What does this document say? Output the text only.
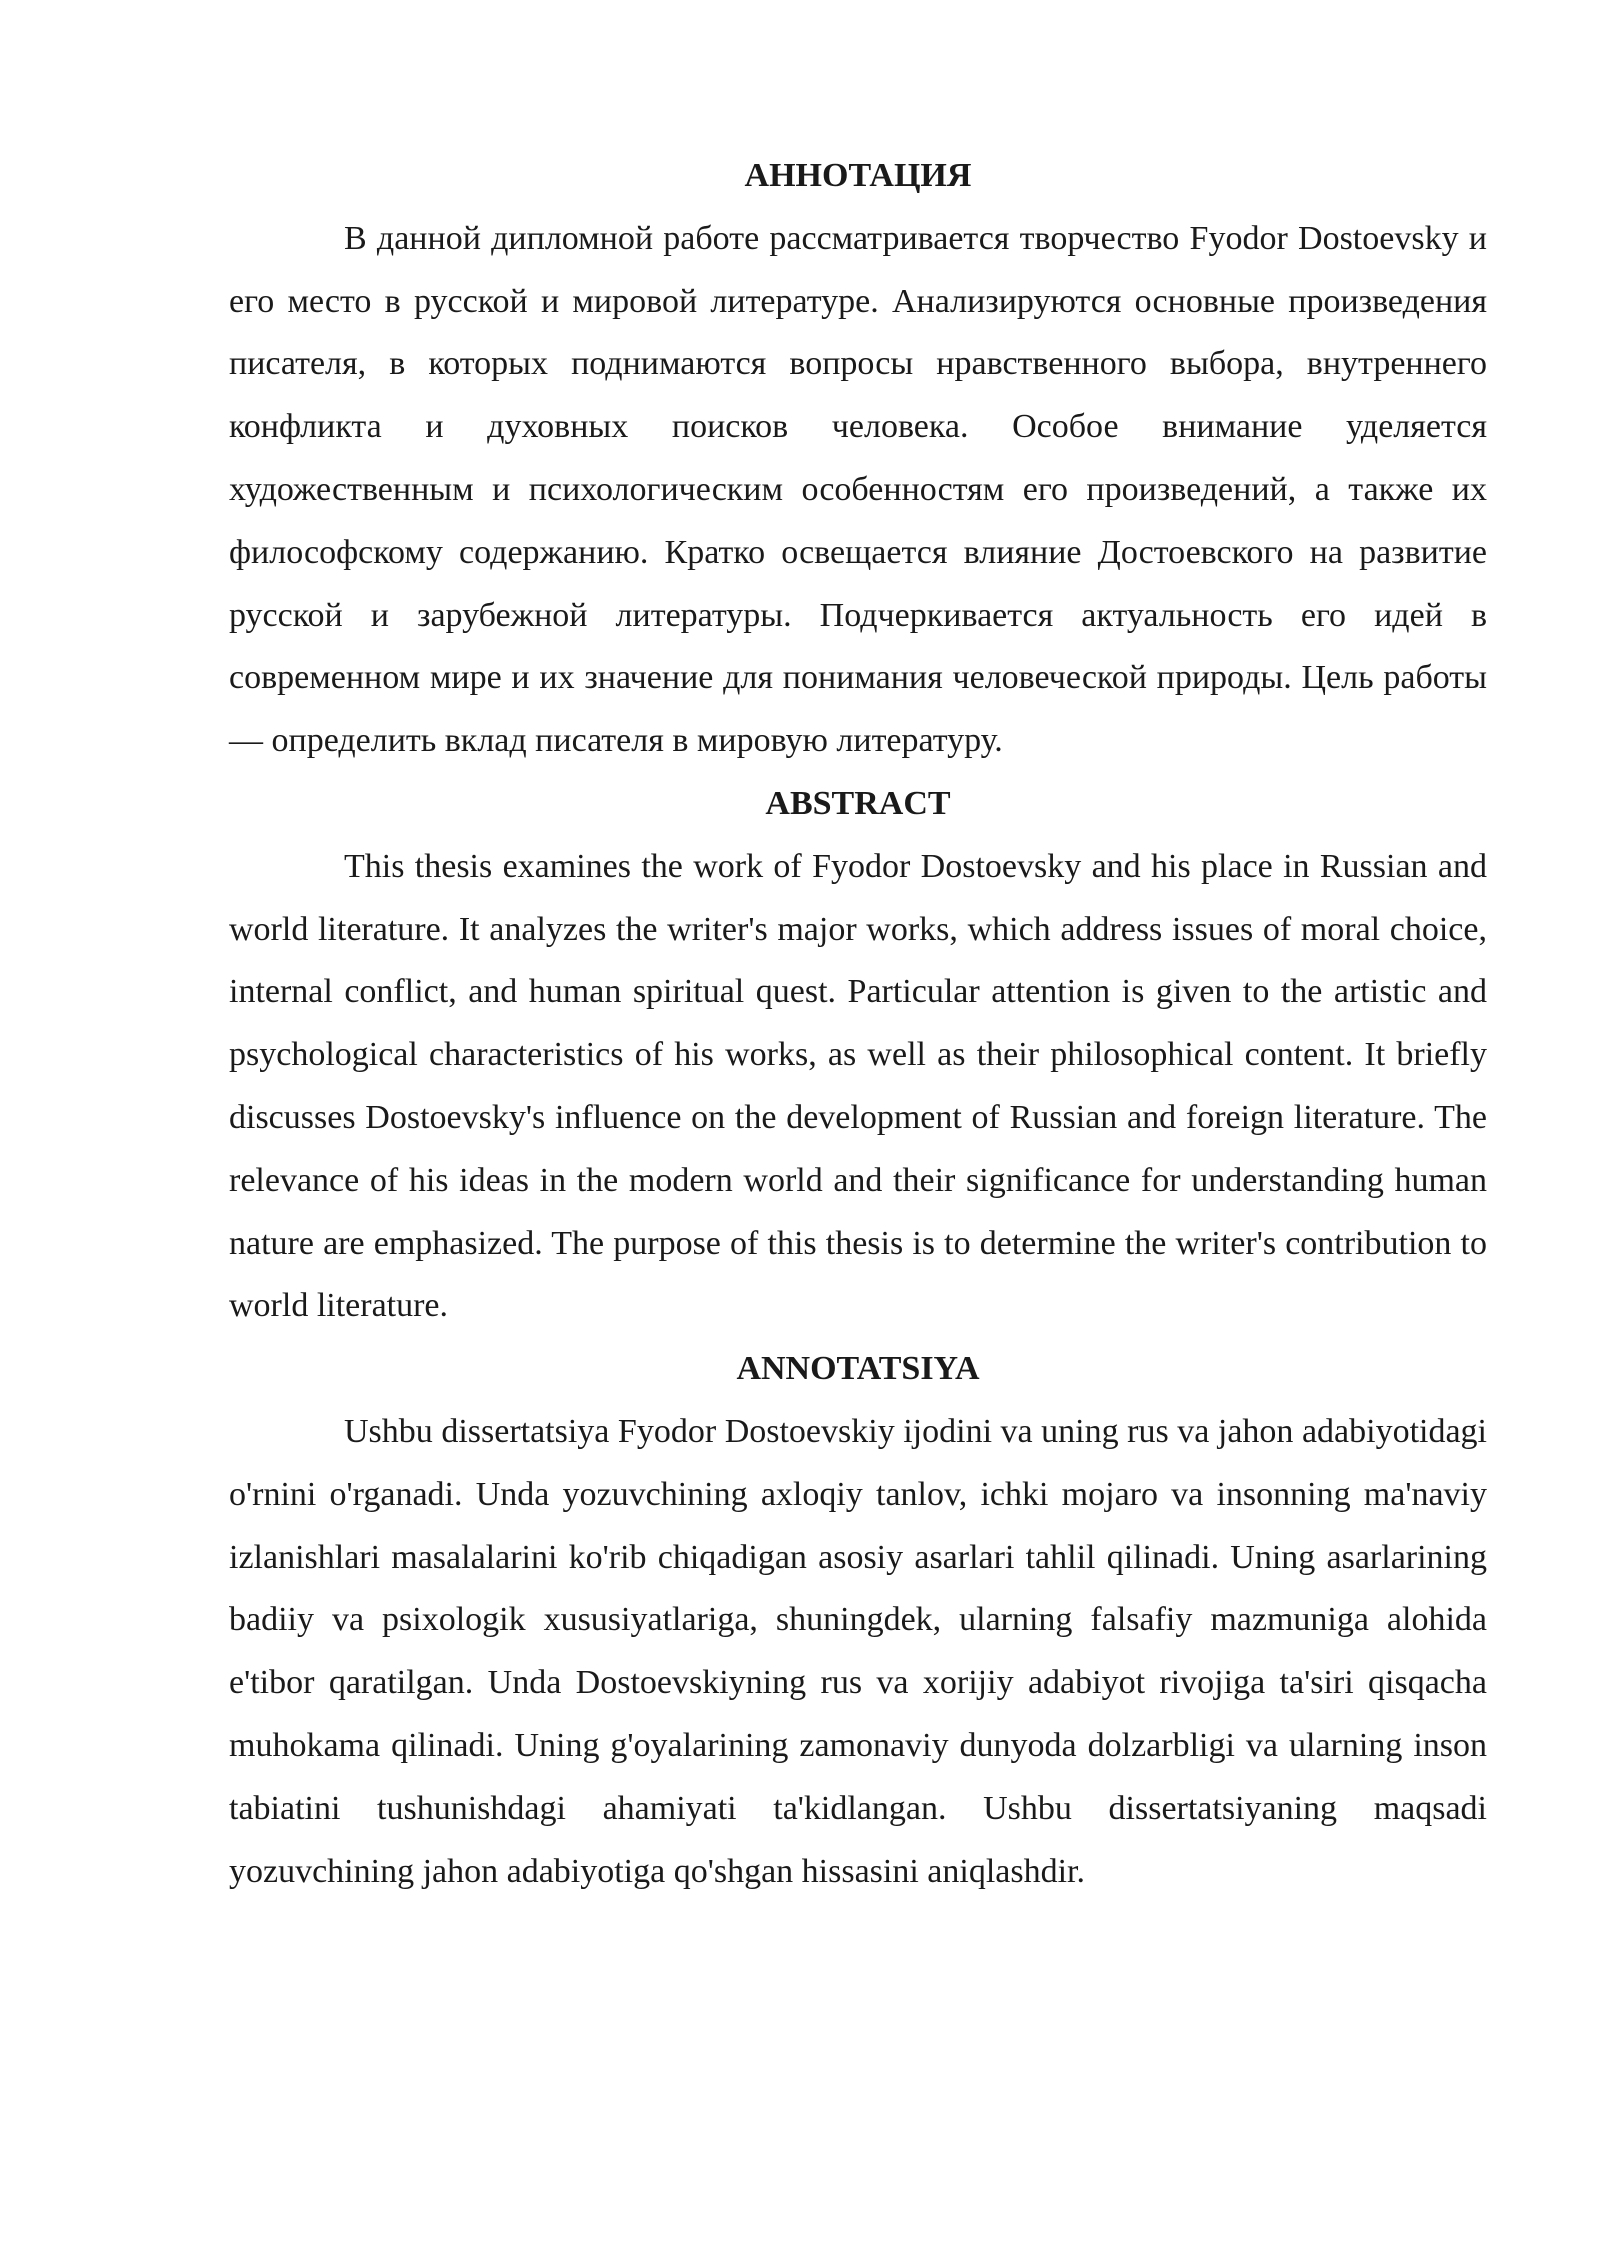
АННОТАЦИЯ

В данной дипломной работе рассматривается творчество Fyodor Dostoevsky и его место в русской и мировой литературе. Анализируются основные произведения писателя, в которых поднимаются вопросы нравственного выбора, внутреннего конфликта и духовных поисков человека. Особое внимание уделяется художественным и психологическим особенностям его произведений, а также их философскому содержанию. Кратко освещается влияние Достоевского на развитие русской и зарубежной литературы. Подчеркивается актуальность его идей в современном мире и их значение для понимания человеческой природы. Цель работы — определить вклад писателя в мировую литературу.

ABSTRACT

This thesis examines the work of Fyodor Dostoevsky and his place in Russian and world literature. It analyzes the writer's major works, which address issues of moral choice, internal conflict, and human spiritual quest. Particular attention is given to the artistic and psychological characteristics of his works, as well as their philosophical content. It briefly discusses Dostoevsky's influence on the development of Russian and foreign literature. The relevance of his ideas in the modern world and their significance for understanding human nature are emphasized. The purpose of this thesis is to determine the writer's contribution to world literature.

ANNOTATSIYA

Ushbu dissertatsiya Fyodor Dostoevskiy ijodini va uning rus va jahon adabiyotidagi o'rnini o'rganadi. Unda yozuvchining axloqiy tanlov, ichki mojaro va insonning ma'naviy izlanishlari masalalarini ko'rib chiqadigan asosiy asarlari tahlil qilinadi. Uning asarlarining badiiy va psixologik xususiyatlariga, shuningdek, ularning falsafiy mazmuniga alohida e'tibor qaratilgan. Unda Dostoevskiyning rus va xorijiy adabiyot rivojiga ta'siri qisqacha muhokama qilinadi. Uning g'oyalarining zamonaviy dunyoda dolzarbligi va ularning inson tabiatini tushunishdagi ahamiyati ta'kidlangan. Ushbu dissertatsiyaning maqsadi yozuvchining jahon adabiyotiga qo'shgan hissasini aniqlashdir.
